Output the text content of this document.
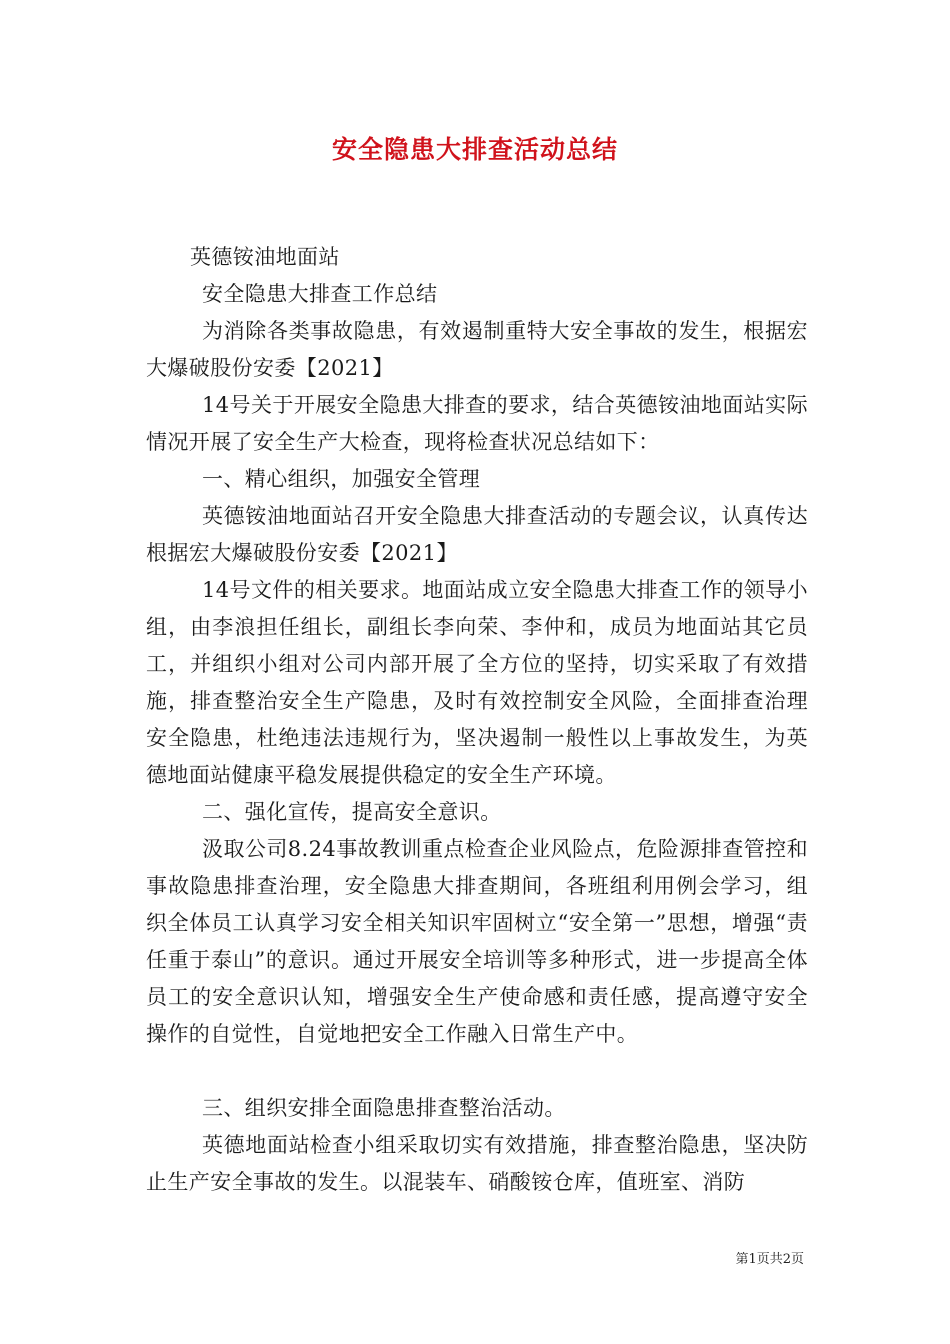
安全隐患大排查活动总结

英德铵油地面站

安全隐患大排查工作总结

为消除各类事故隐患，有效遏制重特大安全事故的发生，根据宏大爆破股份安委【2021】

14号关于开展安全隐患大排查的要求，结合英德铵油地面站实际情况开展了安全生产大检查，现将检查状况总结如下：

一、精心组织，加强安全管理

英德铵油地面站召开安全隐患大排查活动的专题会议，认真传达根据宏大爆破股份安委【2021】

14号文件的相关要求。地面站成立安全隐患大排查工作的领导小组，由李浪担任组长，副组长李向荣、李仲和，成员为地面站其它员工，并组织小组对公司内部开展了全方位的坚持，切实采取了有效措施，排查整治安全生产隐患，及时有效控制安全风险，全面排查治理安全隐患，杜绝违法违规行为，坚决遏制一般性以上事故发生，为英德地面站健康平稳发展提供稳定的安全生产环境。

二、强化宣传，提高安全意识。

汲取公司8.24事故教训重点检查企业风险点，危险源排查管控和事故隐患排查治理，安全隐患大排查期间，各班组利用例会学习，组织全体员工认真学习安全相关知识牢固树立“安全第一”思想，增强“责任重于泰山”的意识。通过开展安全培训等多种形式，进一步提高全体员工的安全意识认知，增强安全生产使命感和责任感，提高遵守安全操作的自觉性，自觉地把安全工作融入日常生产中。

三、组织安排全面隐患排查整治活动。

英德地面站检查小组采取切实有效措施，排查整治隐患，坚决防止生产安全事故的发生。以混装车、硝酸铵仓库，值班室、消防

第1页共2页
